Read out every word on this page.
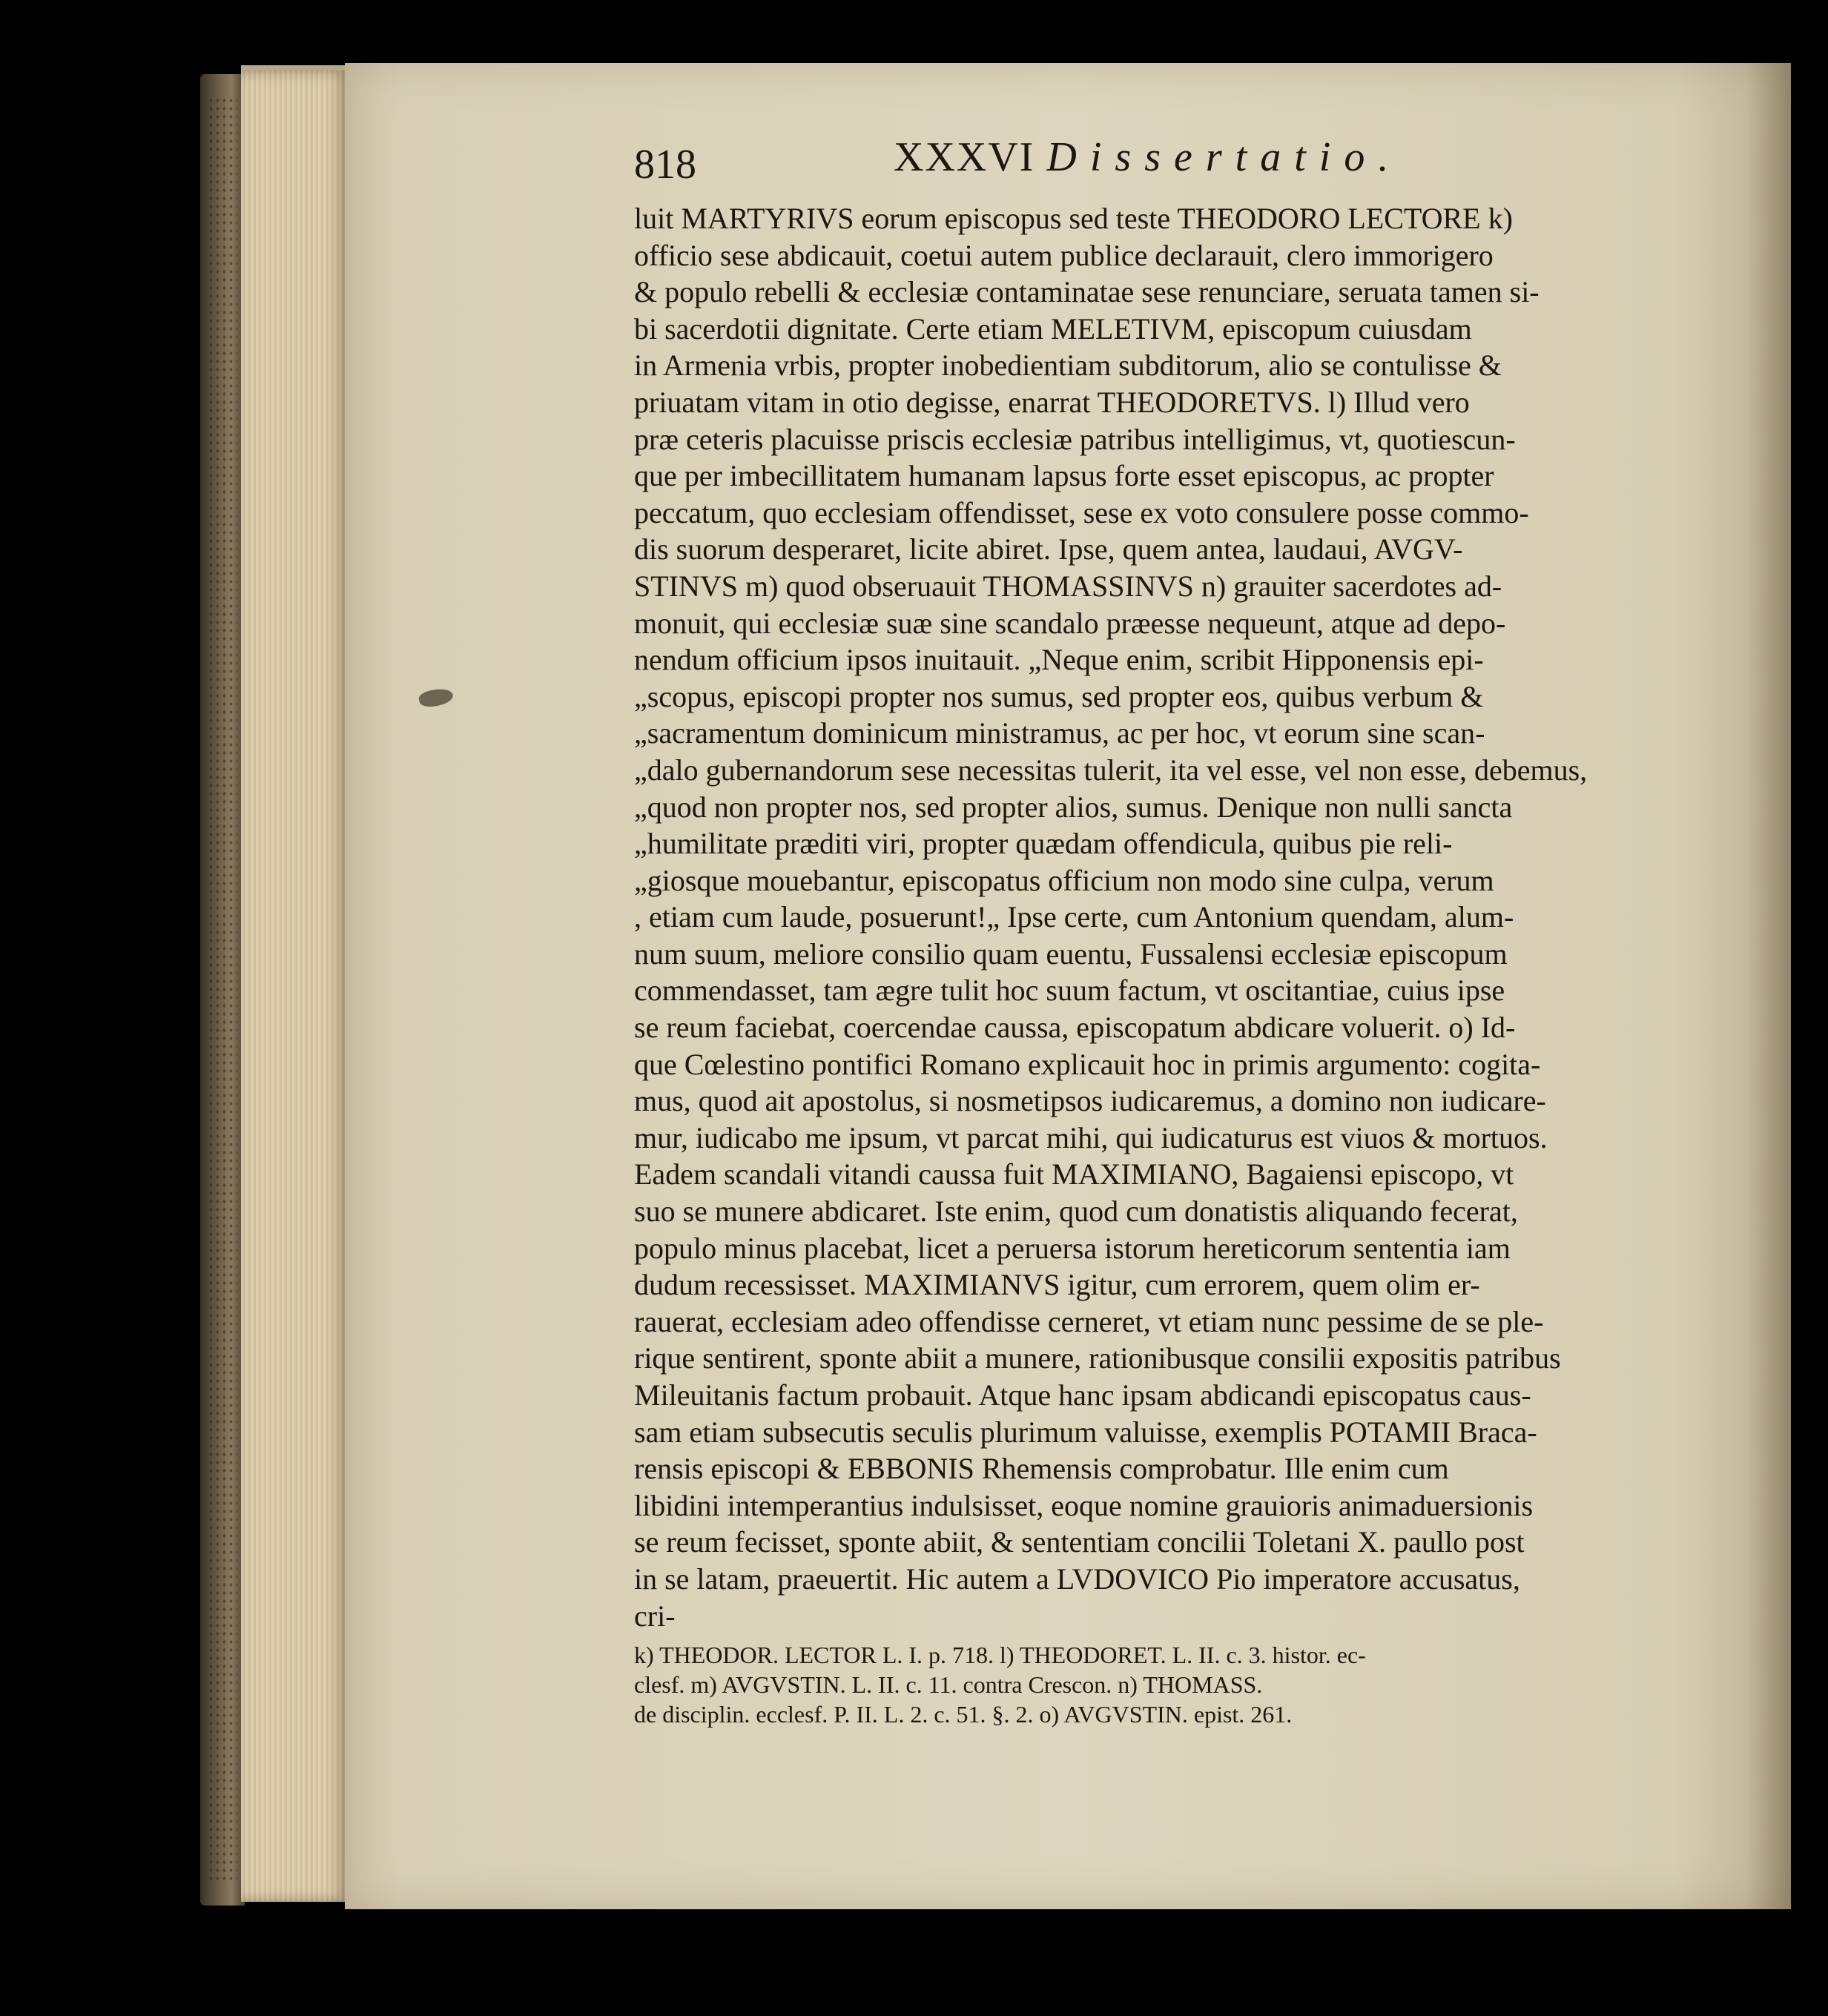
818	XXXVI Dissertatio.
luit MARTYRIVS eorum episcopus sed teste THEODORO LECTORE k)
officio sese abdicauit, coetui autem publice declarauit, clero immorigero
& populo rebelli & ecclesiæ contaminatae sese renunciare, seruata tamen si-
bi sacerdotii dignitate. Certe etiam MELETIVM, episcopum cuiusdam
in Armenia vrbis, propter inobedientiam subditorum, alio se contulisse &
priuatam vitam in otio degisse, enarrat THEODORETVS. l) Illud vero
præ ceteris placuisse priscis ecclesiæ patribus intelligimus, vt, quotiescun-
que per imbecillitatem humanam lapsus forte esset episcopus, ac propter
peccatum, quo ecclesiam offendisset, sese ex voto consulere posse commo-
dis suorum desperaret, licite abiret. Ipse, quem antea, laudaui, AVGV-
STINVS m) quod obseruauit THOMASSINVS n) grauiter sacerdotes ad-
monuit, qui ecclesiæ suæ sine scandalo præesse nequeunt, atque ad depo-
nendum officium ipsos inuitauit. „Neque enim, scribit Hipponensis epi-
„scopus, episcopi propter nos sumus, sed propter eos, quibus verbum &
„sacramentum dominicum ministramus, ac per hoc, vt eorum sine scan-
„dalo gubernandorum sese necessitas tulerit, ita vel esse, vel non esse, debemus,
„quod non propter nos, sed propter alios, sumus. Denique non nulli sancta
„humilitate præditi viri, propter quædam offendicula, quibus pie reli-
„giosque mouebantur, episcopatus officium non modo sine culpa, verum
, etiam cum laude, posuerunt!„ Ipse certe, cum Antonium quendam, alum-
num suum, meliore consilio quam euentu, Fussalensi ecclesiæ episcopum
commendasset, tam ægre tulit hoc suum factum, vt oscitantiae, cuius ipse
se reum faciebat, coercendae caussa, episcopatum abdicare voluerit. o) Id-
que Cœlestino pontifici Romano explicauit hoc in primis argumento: cogita-
mus, quod ait apostolus, si nosmetipsos iudicaremus, a domino non iudicare-
mur, iudicabo me ipsum, vt parcat mihi, qui iudicaturus est viuos & mortuos.
Eadem scandali vitandi caussa fuit MAXIMIANO, Bagaiensi episcopo, vt
suo se munere abdicaret. Iste enim, quod cum donatistis aliquando fecerat,
populo minus placebat, licet a peruersa istorum hereticorum sententia iam
dudum recessisset. MAXIMIANVS igitur, cum errorem, quem olim er-
rauerat, ecclesiam adeo offendisse cerneret, vt etiam nunc pessime de se ple-
rique sentirent, sponte abiit a munere, rationibusque consilii expositis patribus
Mileuitanis factum probauit. Atque hanc ipsam abdicandi episcopatus caus-
sam etiam subsecutis seculis plurimum valuisse, exemplis POTAMII Braca-
rensis episcopi & EBBONIS Rhemensis comprobatur. Ille enim cum
libidini intemperantius indulsisset, eoque nomine grauioris animaduersionis
se reum fecisset, sponte abiit, & sententiam concilii Toletani X. paullo post
in se latam, praeuertit. Hic autem a LVDOVICO Pio imperatore accusatus,
cri-
k) THEODOR. LECTOR L. I. p. 718. l) THEODORET. L. II. c. 3. histor. ec-
clesf. m) AVGVSTIN. L. II. c. 11. contra Crescon. n) THOMASS.
de disciplin. ecclesf. P. II. L. 2. c. 51. §. 2. o) AVGVSTIN. epist. 261.
